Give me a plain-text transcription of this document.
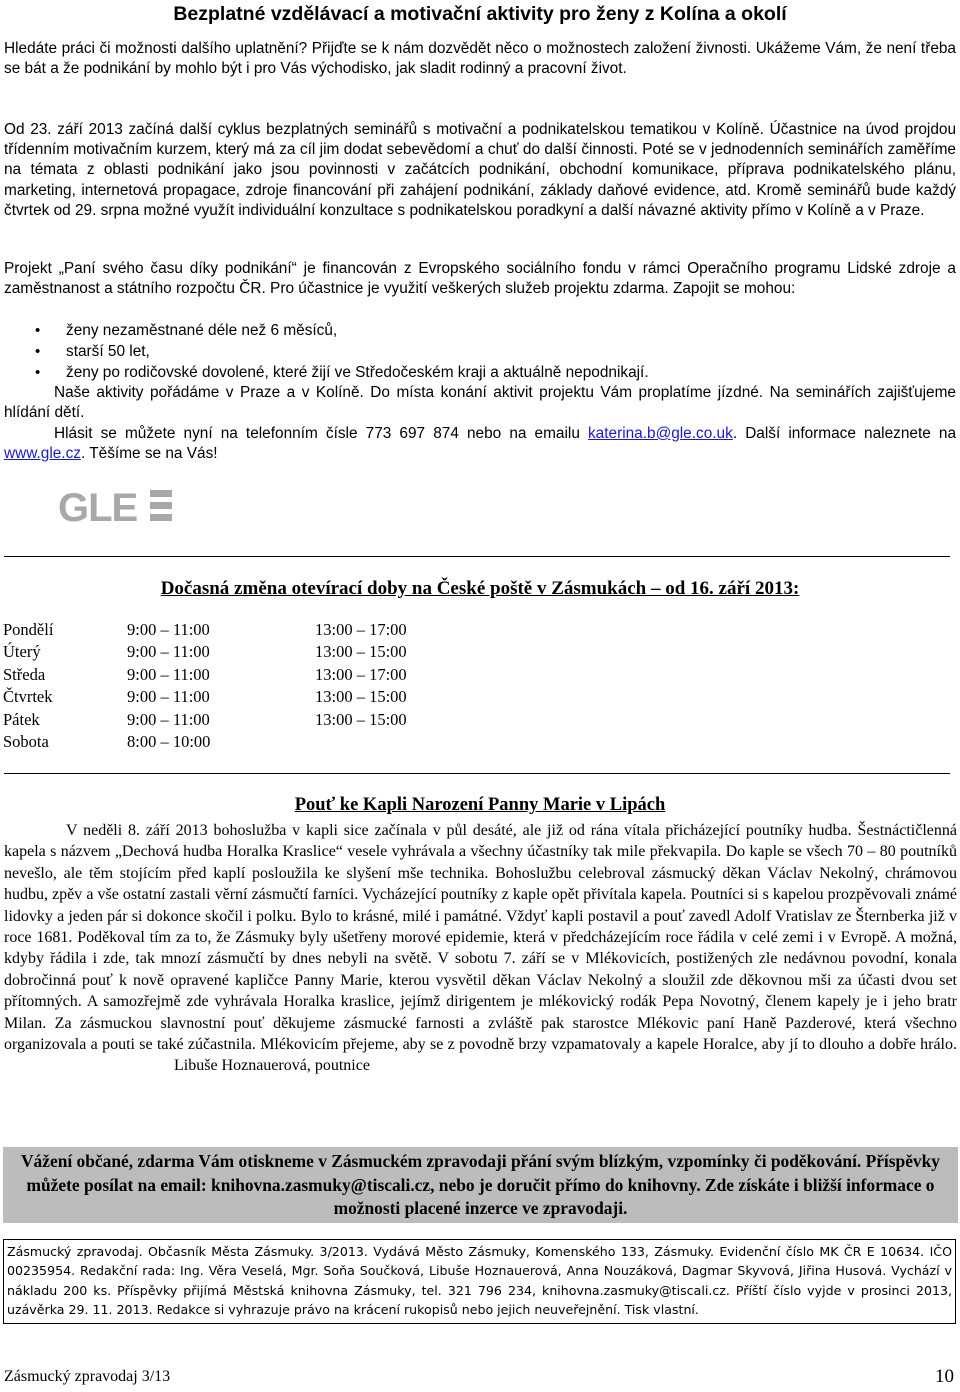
Bezplatné vzdělávací a motivační aktivity pro ženy z Kolína a okolí

Hledáte práci či možnosti dalšího uplatnění? Přijďte se k nám dozvědět něco o možnostech založení živnosti. Ukážeme Vám, že není třeba se bát a že podnikání by mohlo být i pro Vás východisko, jak sladit rodinný a pracovní život.

Od 23. září 2013 začíná další cyklus bezplatných seminářů s motivační a podnikatelskou tematikou v Kolíně. Účastnice na úvod projdou třídenním motivačním kurzem, který má za cíl jim dodat sebevědomí a chuť do další činnosti. Poté se v jednodenních seminářích zaměříme na témata z oblasti podnikání jako jsou povinnosti v začátcích podnikání, obchodní komunikace, příprava podnikatelského plánu, marketing, internetová propagace, zdroje financování při zahájení podnikání, základy daňové evidence, atd. Kromě seminářů bude každý čtvrtek od 29. srpna možné využít individuální konzultace s podnikatelskou poradkyní a další návazné aktivity přímo v Kolíně a v Praze.

Projekt „Paní svého času díky podnikání“ je financován z Evropského sociálního fondu v rámci Operačního programu Lidské zdroje a zaměstnanost a státního rozpočtu ČR. Pro účastnice je využití veškerých služeb projektu zdarma. Zapojit se mohou:

• ženy nezaměstnané déle než 6 měsíců,
• starší 50 let,
• ženy po rodičovské dovolené, které žijí ve Středočeském kraji a aktuálně nepodnikají.

Naše aktivity pořádáme v Praze a v Kolíně. Do místa konání aktivit projektu Vám proplatíme jízdné. Na seminářích zajišťujeme hlídání dětí.

Hlásit se můžete nyní na telefonním čísle 773 697 874 nebo na emailu katerina.b@gle.co.uk. Další informace naleznete na www.gle.cz. Těšíme se na Vás!

GLE
Dočasná změna otevírací doby na České poště v Zásmukách – od 16. září 2013:
Pondělí	9:00 – 11:00	13:00 – 17:00
Úterý	9:00 – 11:00	13:00 – 15:00
Středa	9:00 – 11:00	13:00 – 17:00
Čtvrtek	9:00 – 11:00	13:00 – 15:00
Pátek	9:00 – 11:00	13:00 – 15:00
Sobota	8:00 – 10:00
Pouť ke Kapli Narození Panny Marie v Lipách

V neděli 8. září 2013 bohoslužba v kapli sice začínala v půl desáté, ale již od rána vítala přicházející poutníky hudba. Šestnáctičlenná kapela s názvem „Dechová hudba Horalka Kraslice“ vesele vyhrávala a všechny účastníky tak mile překvapila. Do kaple se všech 70 – 80 poutníků nevešlo, ale těm stojícím před kaplí posloužila ke slyšení mše technika. Bohoslužbu celebroval zásmucký děkan Václav Nekolný, chrámovou hudbu, zpěv a vše ostatní zastali věrní zásmučtí farníci. Vycházející poutníky z kaple opět přivítala kapela. Poutníci si s kapelou prozpěvovali známé lidovky a jeden pár si dokonce skočil i polku. Bylo to krásné, milé i památné. Vždyť kapli postavil a pouť zavedl Adolf Vratislav ze Šternberka již v roce 1681. Poděkoval tím za to, že Zásmuky byly ušetřeny morové epidemie, která v předcházejícím roce řádila v celé zemi i v Evropě. A možná, kdyby řádila i zde, tak mnozí zásmučtí by dnes nebyli na světě. V sobotu 7. září se v Mlékovicích, postižených zle nedávnou povodní, konala dobročinná pouť k nově opravené kapličce Panny Marie, kterou vysvětil děkan Václav Nekolný a sloužil zde děkovnou mši za účasti dvou set přítomných. A samozřejmě zde vyhrávala Horalka kraslice, jejímž dirigentem je mlékovický rodák Pepa Novotný, členem kapely je i jeho bratr Milan. Za zásmuckou slavnostní pouť děkujeme zásmucké farnosti a zvláště pak starostce Mlékovic paní Haně Pazderové, která všechno organizovala a pouti se také zúčastnila. Mlékovicím přejeme, aby se z povodně brzy vzpamatovaly a kapele Horalce, aby jí to dlouho a dobře hrálo.Libuše Hoznauerová, poutnice

Vážení občané, zdarma Vám otiskneme v Zásmuckém zpravodaji přání svým blízkým, vzpomínky či poděkování. Příspěvky můžete posílat na email: knihovna.zasmuky@tiscali.cz, nebo je doručit přímo do knihovny. Zde získáte i bližší informace o možnosti placené inzerce ve zpravodaji.
Zásmucký zpravodaj. Občasník Města Zásmuky. 3/2013. Vydává Město Zásmuky, Komenského 133, Zásmuky. Evidenční číslo MK ČR E 10634. IČO 00235954. Redakční rada: Ing. Věra Veselá, Mgr. Soňa Součková, Libuše Hoznauerová, Anna Nouzáková, Dagmar Skyvová, Jiřina Husová. Vychází v nákladu 200 ks. Příspěvky přijímá Městská knihovna Zásmuky, tel. 321 796 234, knihovna.zasmuky@tiscali.cz. Příští číslo vyjde v prosinci 2013, uzávěrka 29. 11. 2013. Redakce si vyhrazuje právo na krácení rukopisů nebo jejich neuveřejnění. Tisk vlastní.
Zásmucký zpravodaj 3/13	10
